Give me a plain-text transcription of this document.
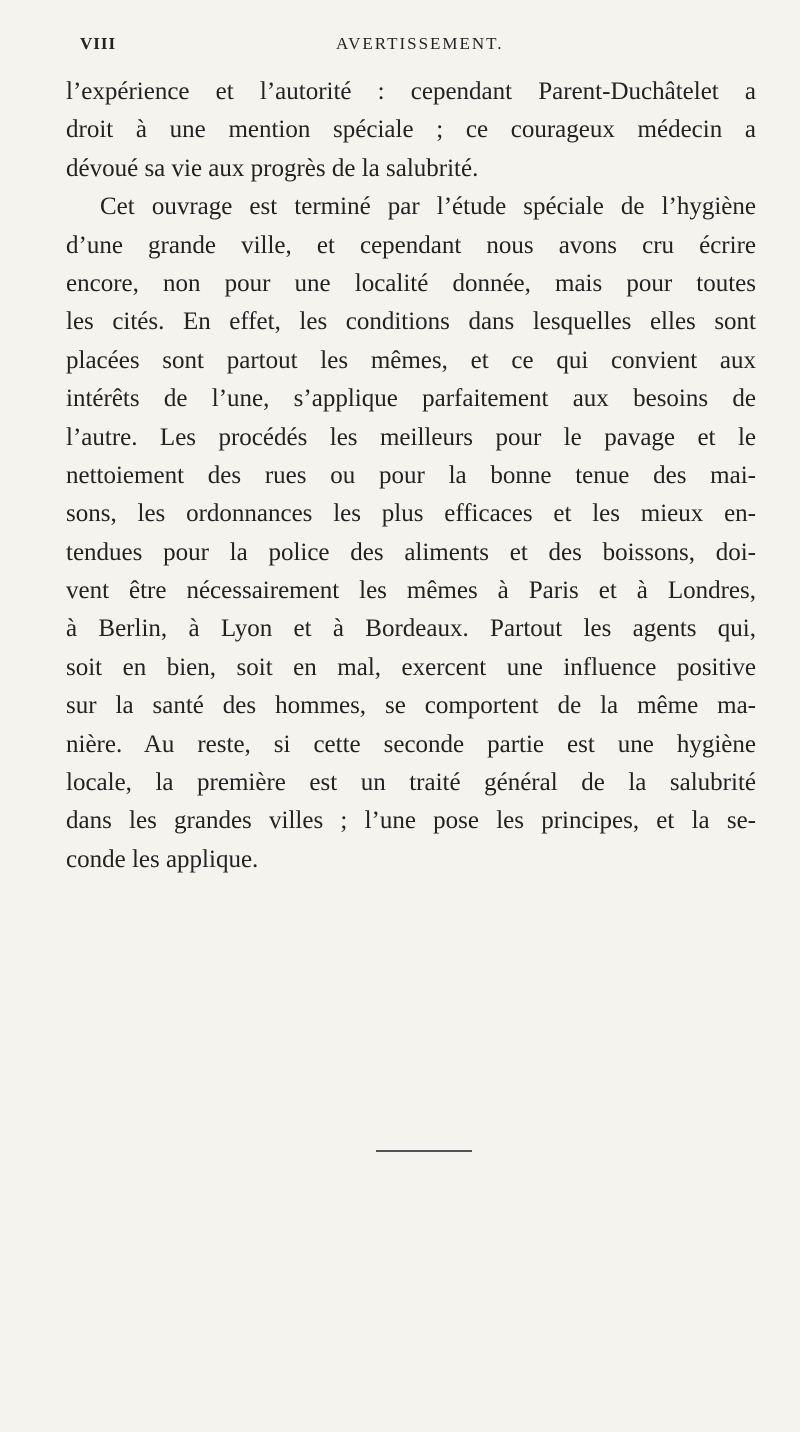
VIII	AVERTISSEMENT.
l’expérience et l’autorité : cependant Parent-Duchâtelet a
droit à une mention spéciale ; ce courageux médecin a
dévoué sa vie aux progrès de la salubrité.
Cet ouvrage est terminé par l’étude spéciale de l’hygiène
d’une grande ville, et cependant nous avons cru écrire
encore, non pour une localité donnée, mais pour toutes
les cités. En effet, les conditions dans lesquelles elles sont
placées sont partout les mêmes, et ce qui convient aux
intérêts de l’une, s’applique parfaitement aux besoins de
l’autre. Les procédés les meilleurs pour le pavage et le
nettoiement des rues ou pour la bonne tenue des mai-
sons, les ordonnances les plus efficaces et les mieux en-
tendues pour la police des aliments et des boissons, doi-
vent être nécessairement les mêmes à Paris et à Londres,
à Berlin, à Lyon et à Bordeaux. Partout les agents qui,
soit en bien, soit en mal, exercent une influence positive
sur la santé des hommes, se comportent de la même ma-
nière. Au reste, si cette seconde partie est une hygiène
locale, la première est un traité général de la salubrité
dans les grandes villes ; l’une pose les principes, et la se-
conde les applique.
